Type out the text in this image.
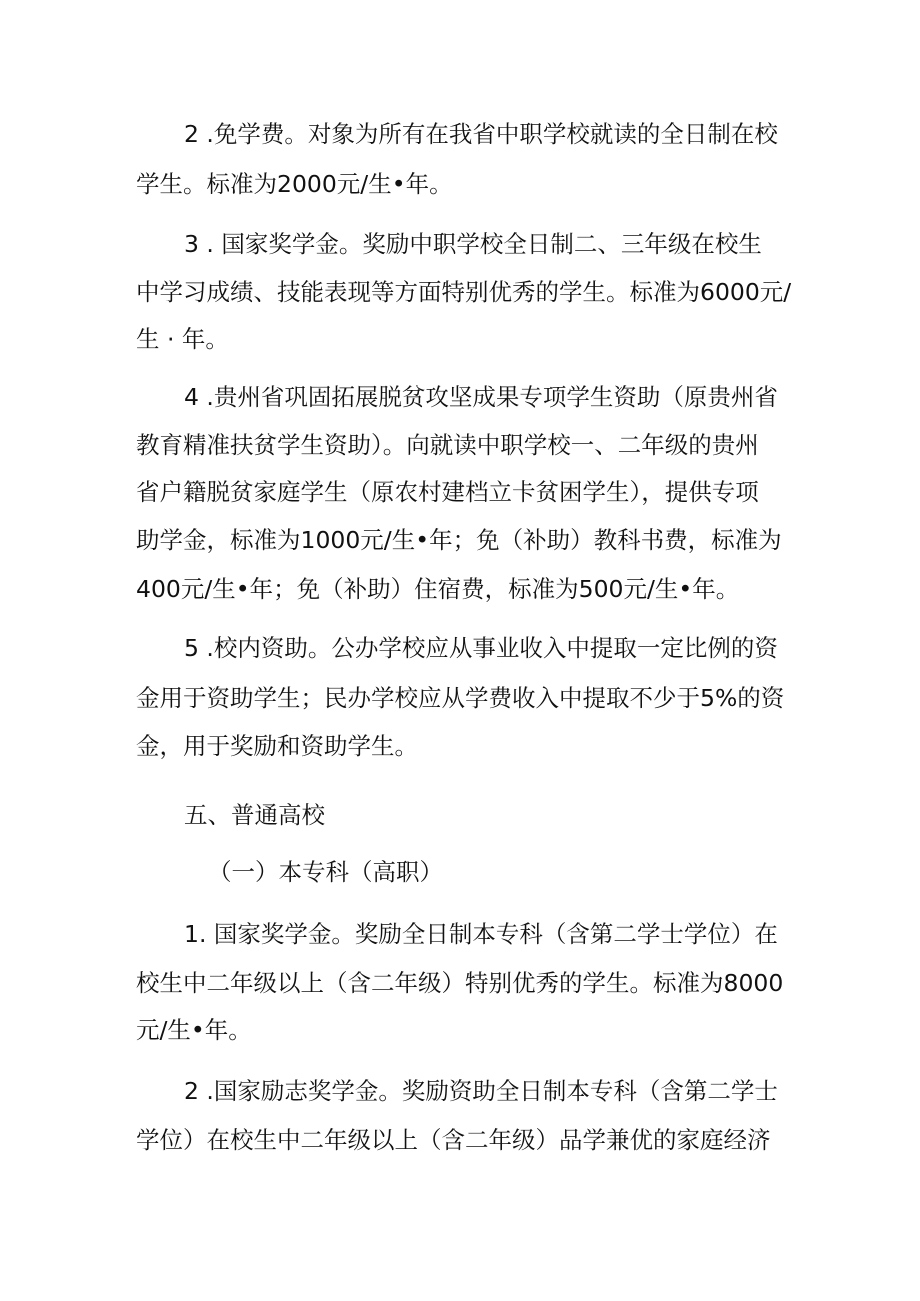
2 .免学费。对象为所有在我省中职学校就读的全日制在校
学生。标准为2000元/生•年。
3 . 国家奖学金。奖励中职学校全日制二、三年级在校生
中学习成绩、技能表现等方面特别优秀的学生。标准为6000元/
生 · 年。
4 .贵州省巩固拓展脱贫攻坚成果专项学生资助（原贵州省
教育精准扶贫学生资助）。向就读中职学校一、二年级的贵州
省户籍脱贫家庭学生（原农村建档立卡贫困学生），提供专项
助学金，标准为1000元/生•年；免（补助）教科书费，标准为
400元/生•年；免（补助）住宿费，标准为500元/生•年。
5 .校内资助。公办学校应从事业收入中提取一定比例的资
金用于资助学生；民办学校应从学费收入中提取不少于5%的资
金，用于奖励和资助学生。
五、普通高校
（一）本专科（高职）
1. 国家奖学金。奖励全日制本专科（含第二学士学位）在
校生中二年级以上（含二年级）特别优秀的学生。标准为8000
元/生•年。
2 .国家励志奖学金。奖励资助全日制本专科（含第二学士
学位）在校生中二年级以上（含二年级）品学兼优的家庭经济
